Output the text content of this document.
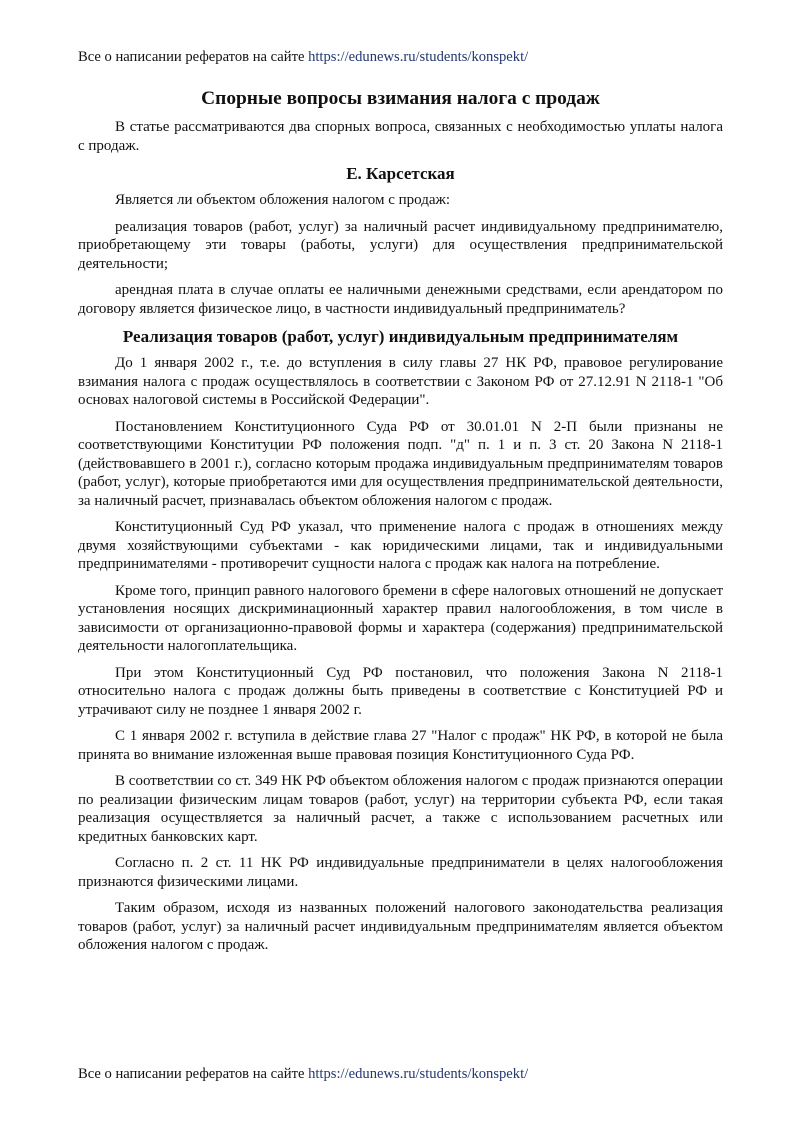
Все о написании рефератов на сайте https://edunews.ru/students/konspekt/
Спорные вопросы взимания налога с продаж

В статье рассматриваются два спорных вопроса, связанных с необходимостью уплаты налога с продаж.

Е. Карсетская

Является ли объектом обложения налогом с продаж:

реализация товаров (работ, услуг) за наличный расчет индивидуальному предпринимателю, приобретающему эти товары (работы, услуги) для осуществления предпринимательской деятельности;

арендная плата в случае оплаты ее наличными денежными средствами, если арендатором по договору является физическое лицо, в частности индивидуальный предприниматель?

Реализация товаров (работ, услуг) индивидуальным предпринимателям

До 1 января 2002 г., т.е. до вступления в силу главы 27 НК РФ, правовое регулирование взимания налога с продаж осуществлялось в соответствии с Законом РФ от 27.12.91 N 2118-1 "Об основах налоговой системы в Российской Федерации".

Постановлением Конституционного Суда РФ от 30.01.01 N 2-П были признаны не соответствующими Конституции РФ положения подп. "д" п. 1 и п. 3 ст. 20 Закона N 2118-1 (действовавшего в 2001 г.), согласно которым продажа индивидуальным предпринимателям товаров (работ, услуг), которые приобретаются ими для осуществления предпринимательской деятельности, за наличный расчет, признавалась объектом обложения налогом с продаж.

Конституционный Суд РФ указал, что применение налога с продаж в отношениях между двумя хозяйствующими субъектами - как юридическими лицами, так и индивидуальными предпринимателями - противоречит сущности налога с продаж как налога на потребление.

Кроме того, принцип равного налогового бремени в сфере налоговых отношений не допускает установления носящих дискриминационный характер правил налогообложения, в том числе в зависимости от организационно-правовой формы и характера (содержания) предпринимательской деятельности налогоплательщика.

При этом Конституционный Суд РФ постановил, что положения Закона N 2118-1 относительно налога с продаж должны быть приведены в соответствие с Конституцией РФ и утрачивают силу не позднее 1 января 2002 г.

С 1 января 2002 г. вступила в действие глава 27 "Налог с продаж" НК РФ, в которой не была принята во внимание изложенная выше правовая позиция Конституционного Суда РФ.

В соответствии со ст. 349 НК РФ объектом обложения налогом с продаж признаются операции по реализации физическим лицам товаров (работ, услуг) на территории субъекта РФ, если такая реализация осуществляется за наличный расчет, а также с использованием расчетных или кредитных банковских карт.

Согласно п. 2 ст. 11 НК РФ индивидуальные предприниматели в целях налогообложения признаются физическими лицами.

Таким образом, исходя из названных положений налогового законодательства реализация товаров (работ, услуг) за наличный расчет индивидуальным предпринимателям является объектом обложения налогом с продаж.

Все о написании рефератов на сайте https://edunews.ru/students/konspekt/
